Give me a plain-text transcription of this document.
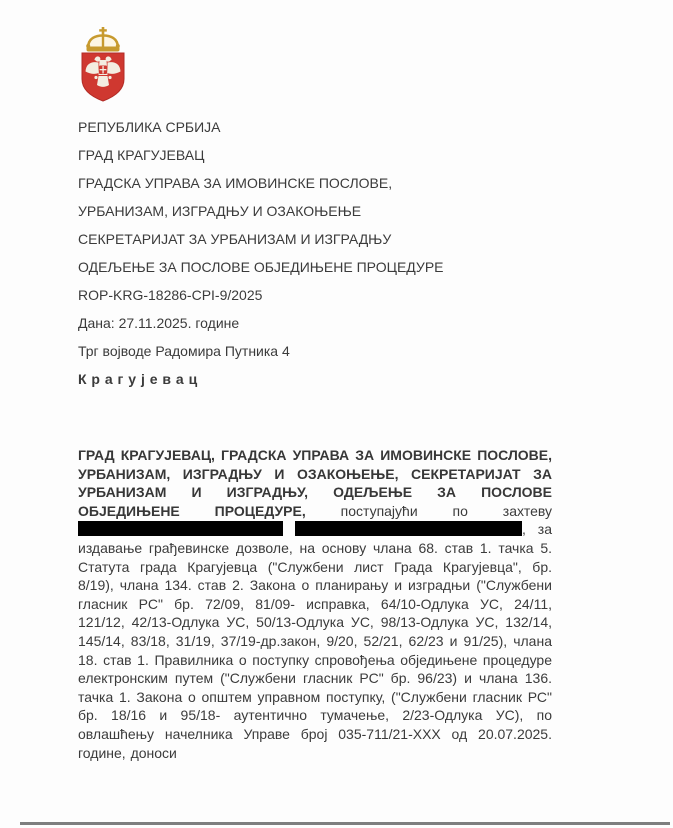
РЕПУБЛИКА СРБИЈА
ГРАД КРАГУЈЕВАЦ
ГРАДСКА УПРАВА ЗА ИМОВИНСКЕ ПОСЛОВЕ,
УРБАНИЗАМ, ИЗГРАДЊУ И ОЗАКОЊЕЊЕ
СЕКРЕТАРИЈАТ ЗА УРБАНИЗАМ И ИЗГРАДЊУ
ОДЕЉЕЊЕ ЗА ПОСЛОВЕ ОБЈЕДИЊЕНЕ ПРОЦЕДУРЕ
ROP-KRG-18286-CPI-9/2025
Дана: 27.11.2025. године
Трг војводе Радомира Путника 4
К р а г у ј е в а ц

ГРАД КРАГУЈЕВАЦ, ГРАДСКА УПРАВА ЗА ИМОВИНСКЕ ПОСЛОВЕ, УРБАНИЗАМ, ИЗГРАДЊУ И ОЗАКОЊЕЊЕ, СЕКРЕТАРИЈАТ ЗА УРБАНИЗАМ И ИЗГРАДЊУ, ОДЕЉЕЊЕ ЗА ПОСЛОВЕ ОБЈЕДИЊЕНЕ ПРОЦЕДУРЕ, поступајући по захтеву  , за издавање грађевинске дозволе, на основу члана 68. став 1. тачка 5. Статута града Крагујевца ("Службени лист Града Крагујевца", бр. 8/19), члана 134. став 2. Закона о планирању и изградњи ("Службени гласник РС" бр. 72/09, 81/09- исправка, 64/10-Одлука УС, 24/11, 121/12, 42/13-Одлука УС, 50/13-Одлука УС, 98/13-Одлука УС, 132/14, 145/14, 83/18, 31/19, 37/19-др.закон, 9/20, 52/21, 62/23 и 91/25), члана 18. став 1. Правилника о поступку спровођења обједињене процедуре електронским путем ("Службени гласник РС" бр. 96/23) и члана 136. тачка 1. Закона о општем управном поступку, ("Службени гласник РС" бр. 18/16 и 95/18- аутентично тумачење, 2/23-Одлука УС), по овлашћењу начелника Управе број 035-711/21-XXX од 20.07.2025. године, доноси
